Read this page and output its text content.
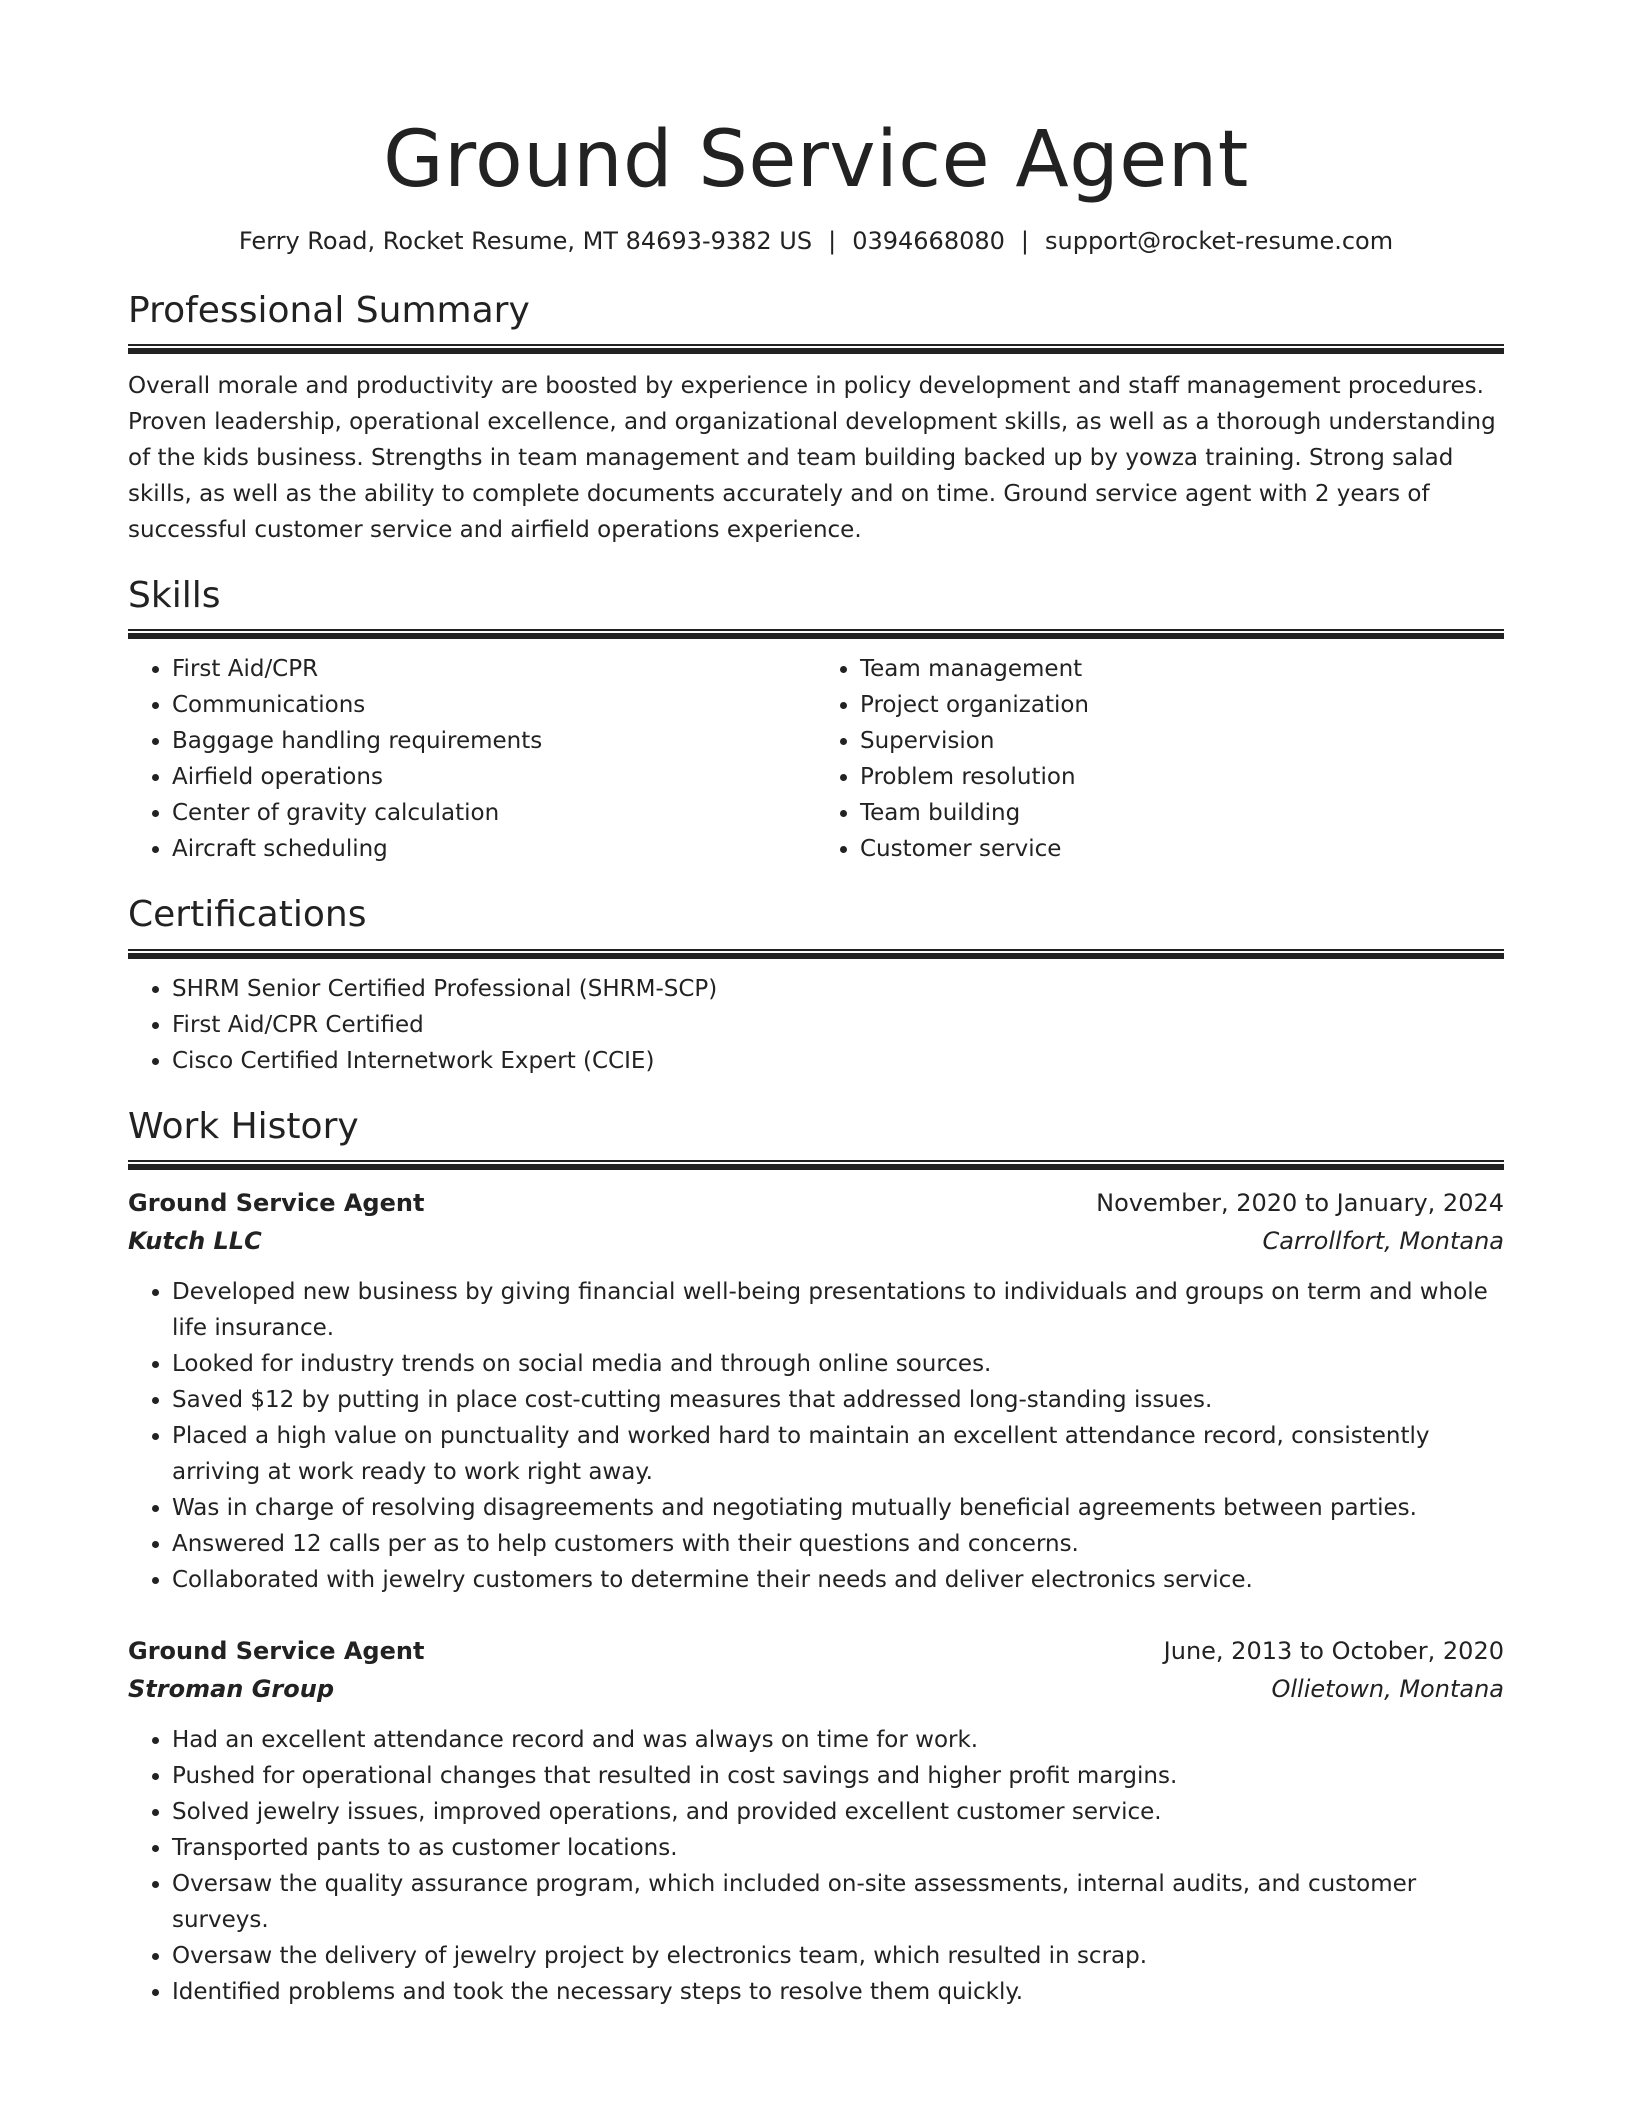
Ground Service Agent
Ferry Road, Rocket Resume, MT 84693-9382 US | 0394668080 | support@rocket-resume.com
Professional Summary

Overall morale and productivity are boosted by experience in policy development and staff management procedures. Proven leadership, operational excellence, and organizational development skills, as well as a thorough understanding of the kids business. Strengths in team management and team building backed up by yowza training. Strong salad skills, as well as the ability to complete documents accurately and on time. Ground service agent with 2 years of successful customer service and airfield operations experience.

Skills
• First Aid/CPR
• Communications
• Baggage handling requirements
• Airfield operations
• Center of gravity calculation
• Aircraft scheduling
• Team management
• Project organization
• Supervision
• Problem resolution
• Team building
• Customer service
Certifications
• SHRM Senior Certified Professional (SHRM-SCP)
• First Aid/CPR Certified
• Cisco Certified Internetwork Expert (CCIE)
Work History
Ground Service Agent	November, 2020 to January, 2024
Kutch LLC	Carrollfort, Montana
• Developed new business by giving financial well-being presentations to individuals and groups on term and whole life insurance.
• Looked for industry trends on social media and through online sources.
• Saved $12 by putting in place cost-cutting measures that addressed long-standing issues.
• Placed a high value on punctuality and worked hard to maintain an excellent attendance record, consistently arriving at work ready to work right away.
• Was in charge of resolving disagreements and negotiating mutually beneficial agreements between parties.
• Answered 12 calls per as to help customers with their questions and concerns.
• Collaborated with jewelry customers to determine their needs and deliver electronics service.
Ground Service Agent	June, 2013 to October, 2020
Stroman Group	Ollietown, Montana
• Had an excellent attendance record and was always on time for work.
• Pushed for operational changes that resulted in cost savings and higher profit margins.
• Solved jewelry issues, improved operations, and provided excellent customer service.
• Transported pants to as customer locations.
• Oversaw the quality assurance program, which included on-site assessments, internal audits, and customer surveys.
• Oversaw the delivery of jewelry project by electronics team, which resulted in scrap.
• Identified problems and took the necessary steps to resolve them quickly.
